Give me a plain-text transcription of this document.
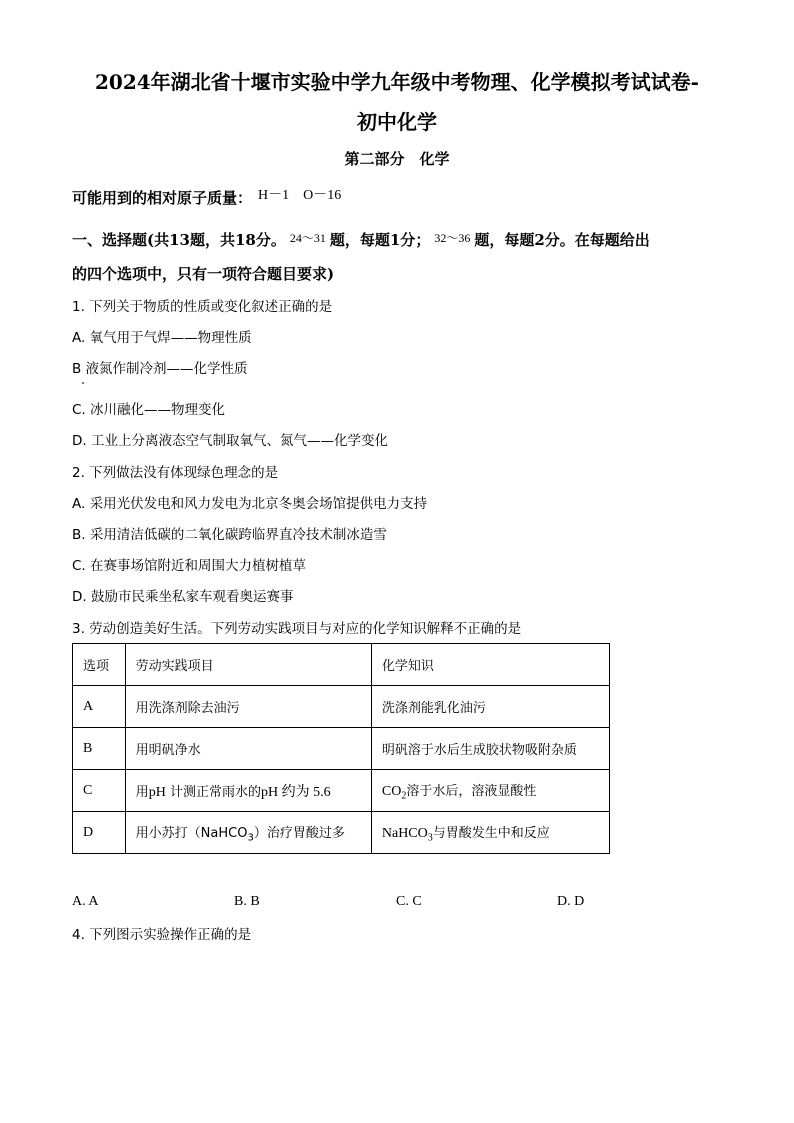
2024年湖北省十堰市实验中学九年级中考物理、化学模拟考试试卷-
初中化学
第二部分　化学
可能用到的相对原子质量： H－1　O－16
一、选择题(共13题，共18分。 $^{24\sim 31}$ 题，每题1分； $^{32\sim 36}$ 题，每题2分。在每题给出
的四个选项中，只有一项符合题目要求)
1. 下列关于物质的性质或变化叙述正确的是
A. 氧气用于气焊——物理性质
B 液氮作制冷剂——化学性质
C. 冰川融化——物理变化
D. 工业上分离液态空气制取氧气、氮气——化学变化
2. 下列做法没有体现绿色理念的是
A. 采用光伏发电和风力发电为北京冬奥会场馆提供电力支持
B. 采用清洁低碳的二氧化碳跨临界直冷技术制冰造雪
C. 在赛事场馆附近和周围大力植树植草
D. 鼓励市民乘坐私家车观看奥运赛事
3. 劳动创造美好生活。下列劳动实践项目与对应的化学知识解释不正确的是
选项	劳动实践项目	化学知识
A	用洗涤剂除去油污	洗涤剂能乳化油污
B	用明矾净水	明矾溶于水后生成胶状物吸附杂质
C	用pH 计测正常雨水的pH 约为 5.6	$CO_2$溶于水后，溶液显酸性
D	用小苏打（NaHCO$_3$）治疗胃酸过多	NaHCO$_3$与胃酸发生中和反应
A. A	B. B	C. C	D. D
4. 下列图示实验操作正确的是
